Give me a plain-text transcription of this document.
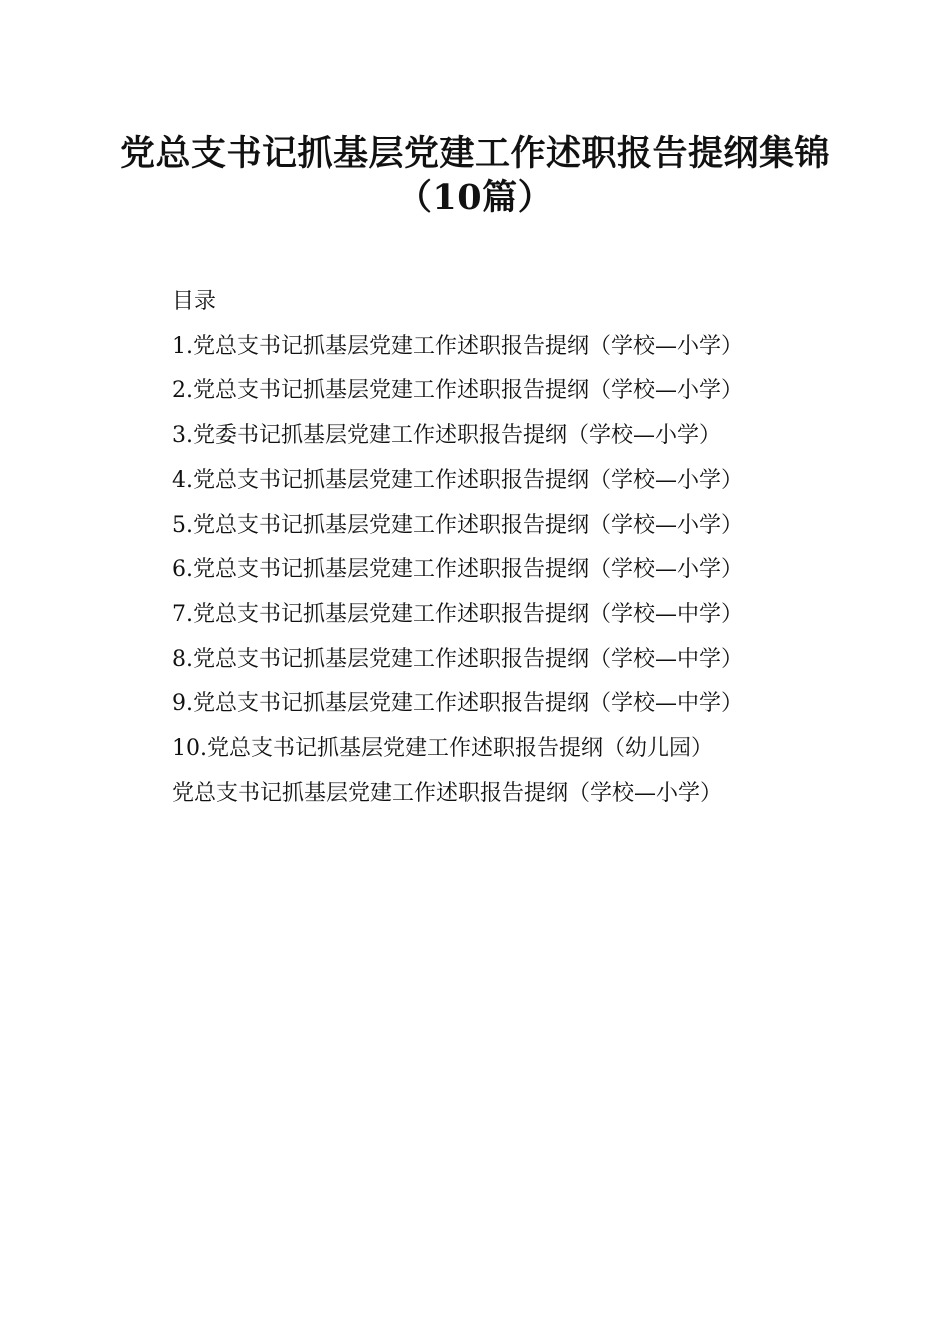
党总支书记抓基层党建工作述职报告提纲集锦
（10篇）

目录

1.党总支书记抓基层党建工作述职报告提纲（学校—小学）

2.党总支书记抓基层党建工作述职报告提纲（学校—小学）

3.党委书记抓基层党建工作述职报告提纲（学校—小学）

4.党总支书记抓基层党建工作述职报告提纲（学校—小学）

5.党总支书记抓基层党建工作述职报告提纲（学校—小学）

6.党总支书记抓基层党建工作述职报告提纲（学校—小学）

7.党总支书记抓基层党建工作述职报告提纲（学校—中学）

8.党总支书记抓基层党建工作述职报告提纲（学校—中学）

9.党总支书记抓基层党建工作述职报告提纲（学校—中学）

10.党总支书记抓基层党建工作述职报告提纲（幼儿园）

党总支书记抓基层党建工作述职报告提纲（学校—小学）
